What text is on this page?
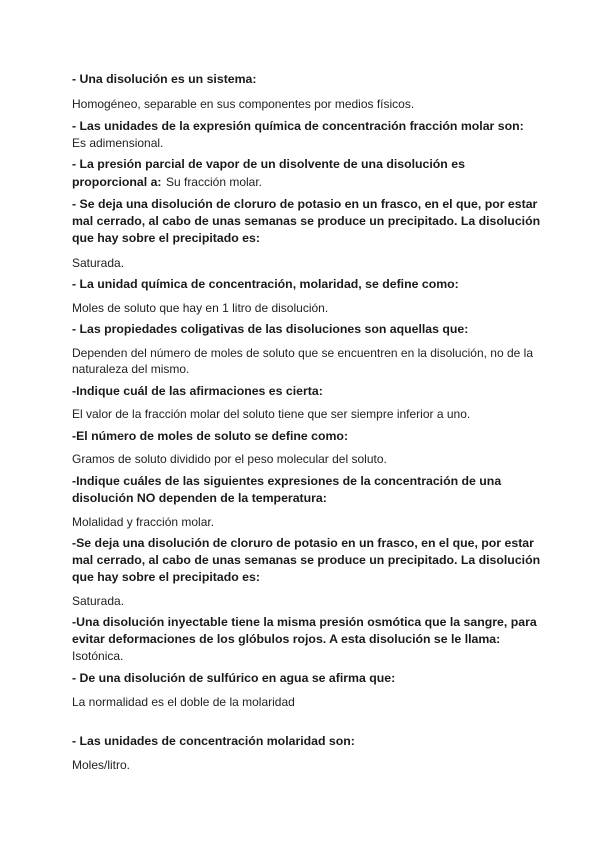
- Una disolución es un sistema:

Homogéneo, separable en sus componentes por medios físicos.

- Las unidades de la expresión química de concentración fracción molar son:

Es adimensional.

- La presión parcial de vapor de un disolvente de una disolución es proporcional a: Su fracción molar.

- Se deja una disolución de cloruro de potasio en un frasco, en el que, por estar mal cerrado, al cabo de unas semanas se produce un precipitado. La disolución que hay sobre el precipitado es:

Saturada.

- La unidad química de concentración, molaridad, se define como:

Moles de soluto que hay en 1 litro de disolución.

- Las propiedades coligativas de las disoluciones son aquellas que:

Dependen del número de moles de soluto que se encuentren en la disolución, no de la naturaleza del mismo.

-Indique cuál de las afirmaciones es cierta:

El valor de la fracción molar del soluto tiene que ser siempre inferior a uno.

-El número de moles de soluto se define como:

Gramos de soluto dividido por el peso molecular del soluto.

-Indique cuáles de las siguientes expresiones de la concentración de una disolución NO dependen de la temperatura:

Molalidad y fracción molar.

-Se deja una disolución de cloruro de potasio en un frasco, en el que, por estar mal cerrado, al cabo de unas semanas se produce un precipitado. La disolución que hay sobre el precipitado es:

Saturada.

-Una disolución inyectable tiene la misma presión osmótica que la sangre, para evitar deformaciones de los glóbulos rojos. A esta disolución se le llama:

Isotónica.

- De una disolución de sulfúrico en agua se afirma que:

La normalidad es el doble de la molaridad

- Las unidades de concentración molaridad son:

Moles/litro.
